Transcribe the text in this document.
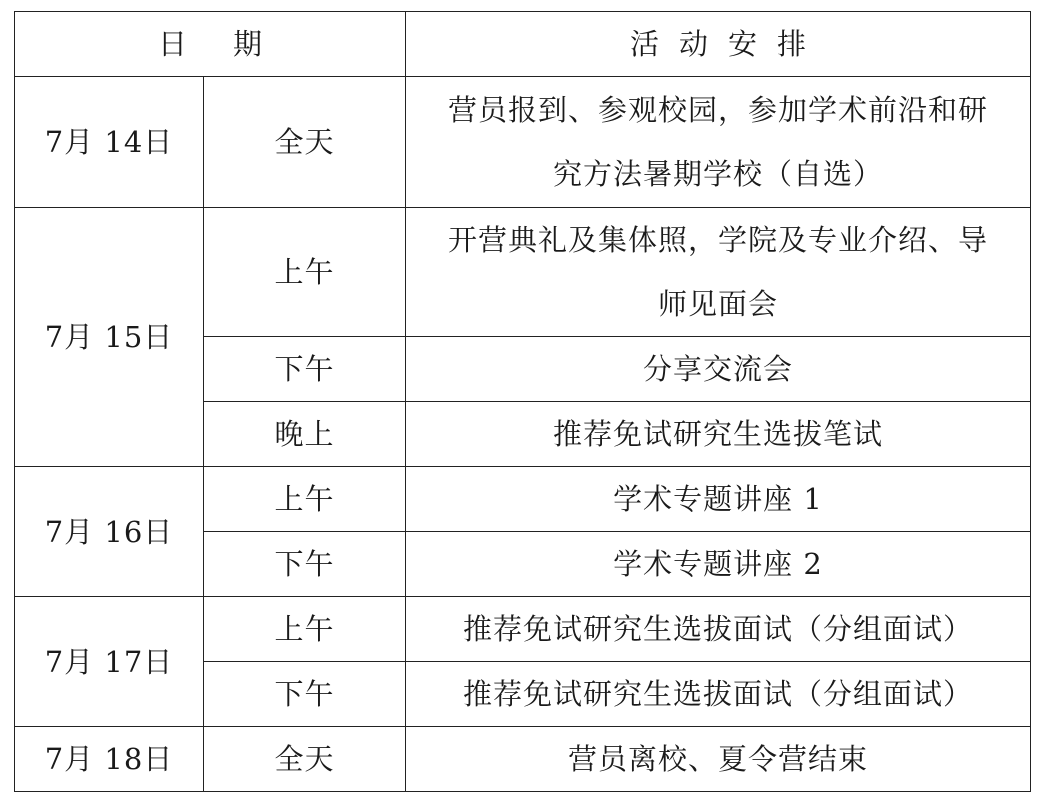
日期		活动安排
7月 14日	全天	营员报到、参观校园，参加学术前沿和研
究方法暑期学校（自选）

7月 15日	上午	开营典礼及集体照，学院及专业介绍、导
师见面会

	下午	分享交流会
	晚上	推荐免试研究生选拔笔试
7月 16日	上午	学术专题讲座 1
	下午	学术专题讲座 2
7月 17日	上午	推荐免试研究生选拔面试（分组面试）
	下午	推荐免试研究生选拔面试（分组面试）
7月 18日	全天	营员离校、夏令营结束
